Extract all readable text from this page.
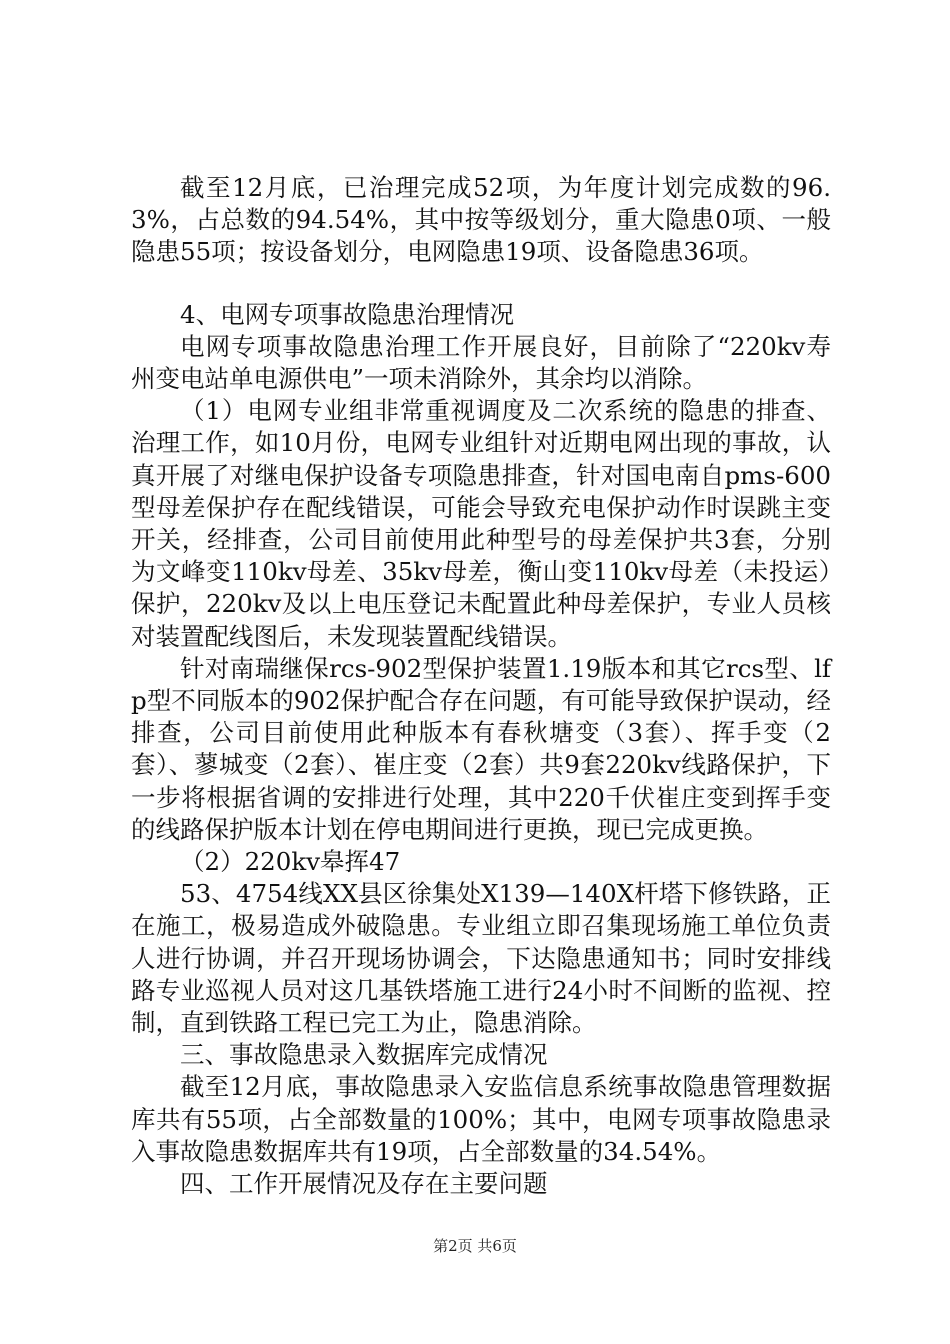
截至12月底，已治理完成52项，为年度计划完成数的96.3%，占总数的94.54%，其中按等级划分，重大隐患0项、一般隐患55项；按设备划分，电网隐患19项、设备隐患36项。

4、电网专项事故隐患治理情况

电网专项事故隐患治理工作开展良好，目前除了“220kv寿州变电站单电源供电”一项未消除外，其余均以消除。

（1）电网专业组非常重视调度及二次系统的隐患的排查、治理工作，如10月份，电网专业组针对近期电网出现的事故，认真开展了对继电保护设备专项隐患排查，针对国电南自pms-600型母差保护存在配线错误，可能会导致充电保护动作时误跳主变开关，经排查，公司目前使用此种型号的母差保护共3套，分别为文峰变110kv母差、35kv母差，衡山变110kv母差（未投运）保护，220kv及以上电压登记未配置此种母差保护，专业人员核对装置配线图后，未发现装置配线错误。

针对南瑞继保rcs-902型保护装置1.19版本和其它rcs型、lfp型不同版本的902保护配合存在问题，有可能导致保护误动，经排查，公司目前使用此种版本有春秋塘变（3套）、挥手变（2套）、蓼城变（2套）、崔庄变（2套）共9套220kv线路保护，下一步将根据省调的安排进行处理，其中220千伏崔庄变到挥手变的线路保护版本计划在停电期间进行更换，现已完成更换。

（2）220kv皋挥47

53、4754线XX县区徐集处X139—140X杆塔下修铁路，正在施工，极易造成外破隐患。专业组立即召集现场施工单位负责人进行协调，并召开现场协调会，下达隐患通知书；同时安排线路专业巡视人员对这几基铁塔施工进行24小时不间断的监视、控制，直到铁路工程已完工为止，隐患消除。

三、事故隐患录入数据库完成情况

截至12月底，事故隐患录入安监信息系统事故隐患管理数据库共有55项，占全部数量的100%；其中，电网专项事故隐患录入事故隐患数据库共有19项，占全部数量的34.54%。

四、工作开展情况及存在主要问题

第2页 共6页
